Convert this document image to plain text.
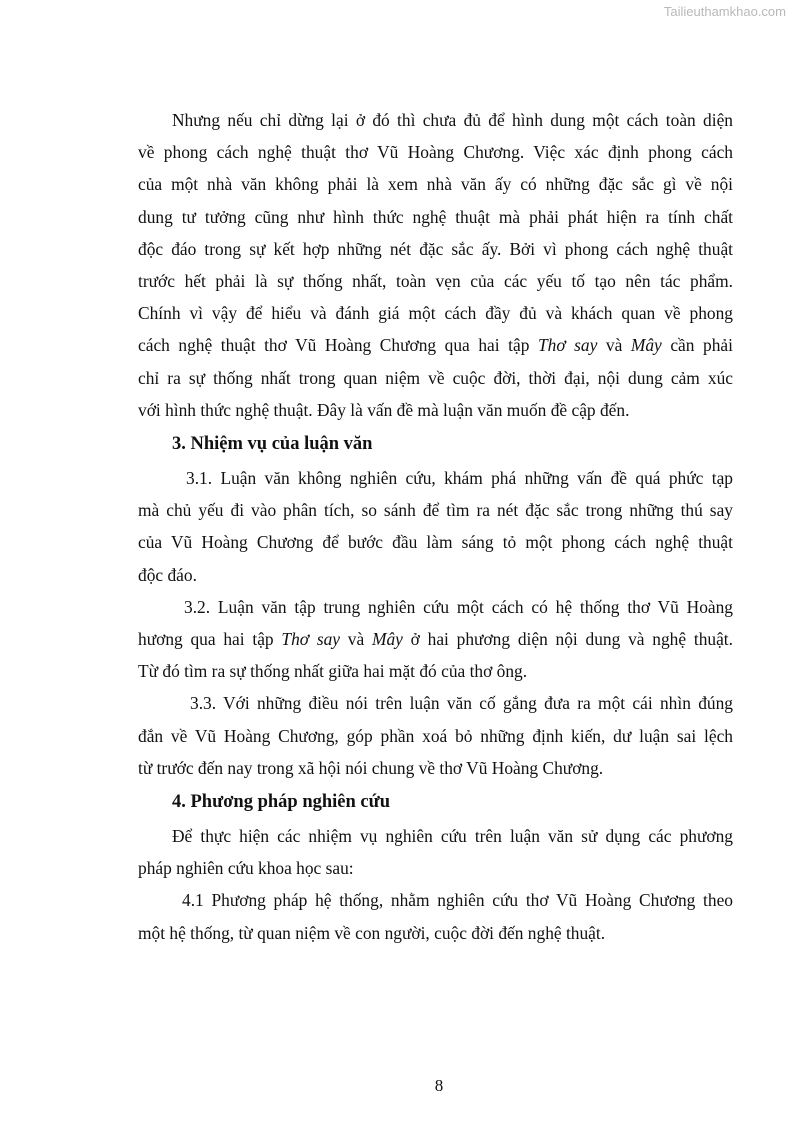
Tailieuthamkhao.com

Nhưng nếu chỉ dừng lại ở đó thì chưa đủ để hình dung một cách toàn diện

về phong cách nghệ thuật thơ Vũ Hoàng Chương. Việc xác định phong cách

của một nhà văn không phải là xem nhà văn ấy có những đặc sắc gì về nội

dung tư tưởng cũng như hình thức nghệ thuật mà phải phát hiện ra tính chất

độc đáo trong sự kết hợp những nét đặc sắc ấy. Bởi vì phong cách nghệ thuật

trước hết phải là sự thống nhất, toàn vẹn của các yếu tố tạo nên tác phẩm.

Chính vì vậy để hiểu và đánh giá một cách đầy đủ và khách quan về phong

cách nghệ thuật thơ Vũ Hoàng Chương qua hai tập Thơ say và Mây cần phải

chỉ ra sự thống nhất trong quan niệm về cuộc đời, thời đại, nội dung cảm xúc

với hình thức nghệ thuật. Đây là vấn đề mà luận văn muốn đề cập đến.

3. Nhiệm vụ của luận văn

3.1. Luận văn không nghiên cứu, khám phá những vấn đề quá phức tạp

mà chủ yếu đi vào phân tích, so sánh để tìm ra nét đặc sắc trong những thú say

của Vũ Hoàng Chương để bước đầu làm sáng tỏ một phong cách nghệ thuật

độc đáo.

3.2. Luận văn tập trung nghiên cứu một cách có hệ thống thơ Vũ Hoàng

hương qua hai tập Thơ say và Mây ở hai phương diện nội dung và nghệ thuật.

Từ đó tìm ra sự thống nhất giữa hai mặt đó của thơ ông.

3.3. Với những điều nói trên luận văn cố gắng đưa ra một cái nhìn đúng

đắn về Vũ Hoàng Chương, góp phần xoá bỏ những định kiến, dư luận sai lệch

từ trước đến nay trong xã hội nói chung về thơ Vũ Hoàng Chương.

4. Phương pháp nghiên cứu

Để thực hiện các nhiệm vụ nghiên cứu trên luận văn sử dụng các phương

pháp nghiên cứu khoa học sau:

4.1 Phương pháp hệ thống, nhằm nghiên cứu thơ Vũ Hoàng Chương theo

một hệ thống, từ quan niệm về con người, cuộc đời đến nghệ thuật.

8
